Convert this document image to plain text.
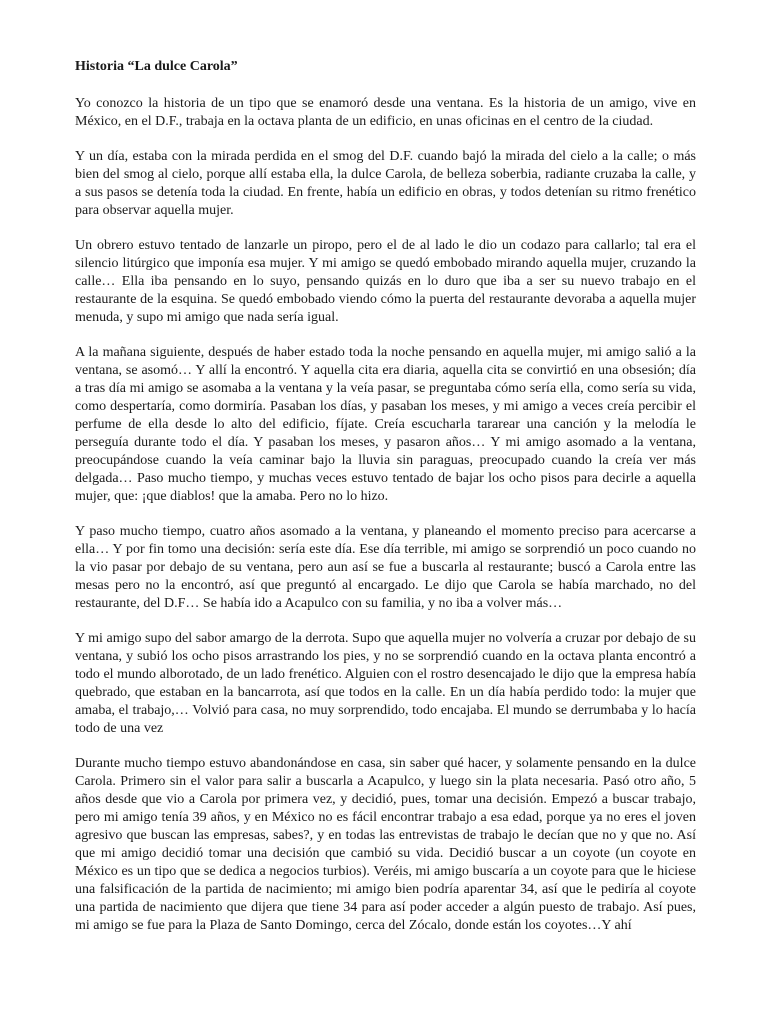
Historia “La dulce Carola”

Yo conozco la historia de un tipo que se enamoró desde una ventana. Es la historia de un amigo, vive en México, en el D.F., trabaja en la octava planta de un edificio, en unas oficinas en el centro de la ciudad.

Y un día, estaba con la mirada perdida en el smog del D.F. cuando bajó la mirada del cielo a la calle; o más bien del smog al cielo, porque allí estaba ella, la dulce Carola, de belleza soberbia, radiante cruzaba la calle, y a sus pasos se detenía toda la ciudad. En frente, había un edificio en obras, y todos detenían su ritmo frenético para observar aquella mujer.

Un obrero estuvo tentado de lanzarle un piropo, pero el de al lado le dio un codazo para callarlo; tal era el silencio litúrgico que imponía esa mujer. Y mi amigo se quedó embobado mirando aquella mujer, cruzando la calle… Ella iba pensando en lo suyo, pensando quizás en lo duro que iba a ser su nuevo trabajo en el restaurante de la esquina. Se quedó embobado viendo cómo la puerta del restaurante devoraba a aquella mujer menuda, y supo mi amigo que nada sería igual.

A la mañana siguiente, después de haber estado toda la noche pensando en aquella mujer, mi amigo salió a la ventana, se asomó… Y allí la encontró. Y aquella cita era diaria, aquella cita se convirtió en una obsesión; día a tras día mi amigo se asomaba a la ventana y la veía pasar, se preguntaba cómo sería ella, como sería su vida, como despertaría, como dormiría. Pasaban los días, y pasaban los meses, y mi amigo a veces creía percibir el perfume de ella desde lo alto del edificio, fíjate. Creía escucharla tararear una canción y la melodía le perseguía durante todo el día. Y pasaban los meses, y pasaron años… Y mi amigo asomado a la ventana, preocupándose cuando la veía caminar bajo la lluvia sin paraguas, preocupado cuando la creía ver más delgada… Paso mucho tiempo, y muchas veces estuvo tentado de bajar los ocho pisos para decirle a aquella mujer, que: ¡que diablos! que la amaba. Pero no lo hizo.

Y paso mucho tiempo, cuatro años asomado a la ventana, y planeando el momento preciso para acercarse a ella… Y por fin tomo una decisión: sería este día. Ese día terrible, mi amigo se sorprendió un poco cuando no la vio pasar por debajo de su ventana, pero aun así se fue a buscarla al restaurante; buscó a Carola entre las mesas pero no la encontró, así que preguntó al encargado. Le dijo que Carola se había marchado, no del restaurante, del D.F… Se había ido a Acapulco con su familia, y no iba a volver más…

Y mi amigo supo del sabor amargo de la derrota. Supo que aquella mujer no volvería a cruzar por debajo de su ventana, y subió los ocho pisos arrastrando los pies, y no se sorprendió cuando en la octava planta encontró a todo el mundo alborotado, de un lado frenético. Alguien con el rostro desencajado le dijo que la empresa había quebrado, que estaban en la bancarrota, así que todos en la calle. En un día había perdido todo: la mujer que amaba, el trabajo,… Volvió para casa, no muy sorprendido, todo encajaba. El mundo se derrumbaba y lo hacía todo de una vez

Durante mucho tiempo estuvo abandonándose en casa, sin saber qué hacer, y solamente pensando en la dulce Carola. Primero sin el valor para salir a buscarla a Acapulco, y luego sin la plata necesaria. Pasó otro año, 5 años desde que vio a Carola por primera vez, y decidió, pues, tomar una decisión. Empezó a buscar trabajo, pero mi amigo tenía 39 años, y en México no es fácil encontrar trabajo a esa edad, porque ya no eres el joven agresivo que buscan las empresas, sabes?, y en todas las entrevistas de trabajo le decían que no y que no. Así que mi amigo decidió tomar una decisión que cambió su vida. Decidió buscar a un coyote (un coyote en México es un tipo que se dedica a negocios turbios). Veréis, mi amigo buscaría a un coyote para que le hiciese una falsificación de la partida de nacimiento; mi amigo bien podría aparentar 34, así que le pediría al coyote una partida de nacimiento que dijera que tiene 34 para así poder acceder a algún puesto de trabajo. Así pues, mi amigo se fue para la Plaza de Santo Domingo, cerca del Zócalo, donde están los coyotes…Y ahí
